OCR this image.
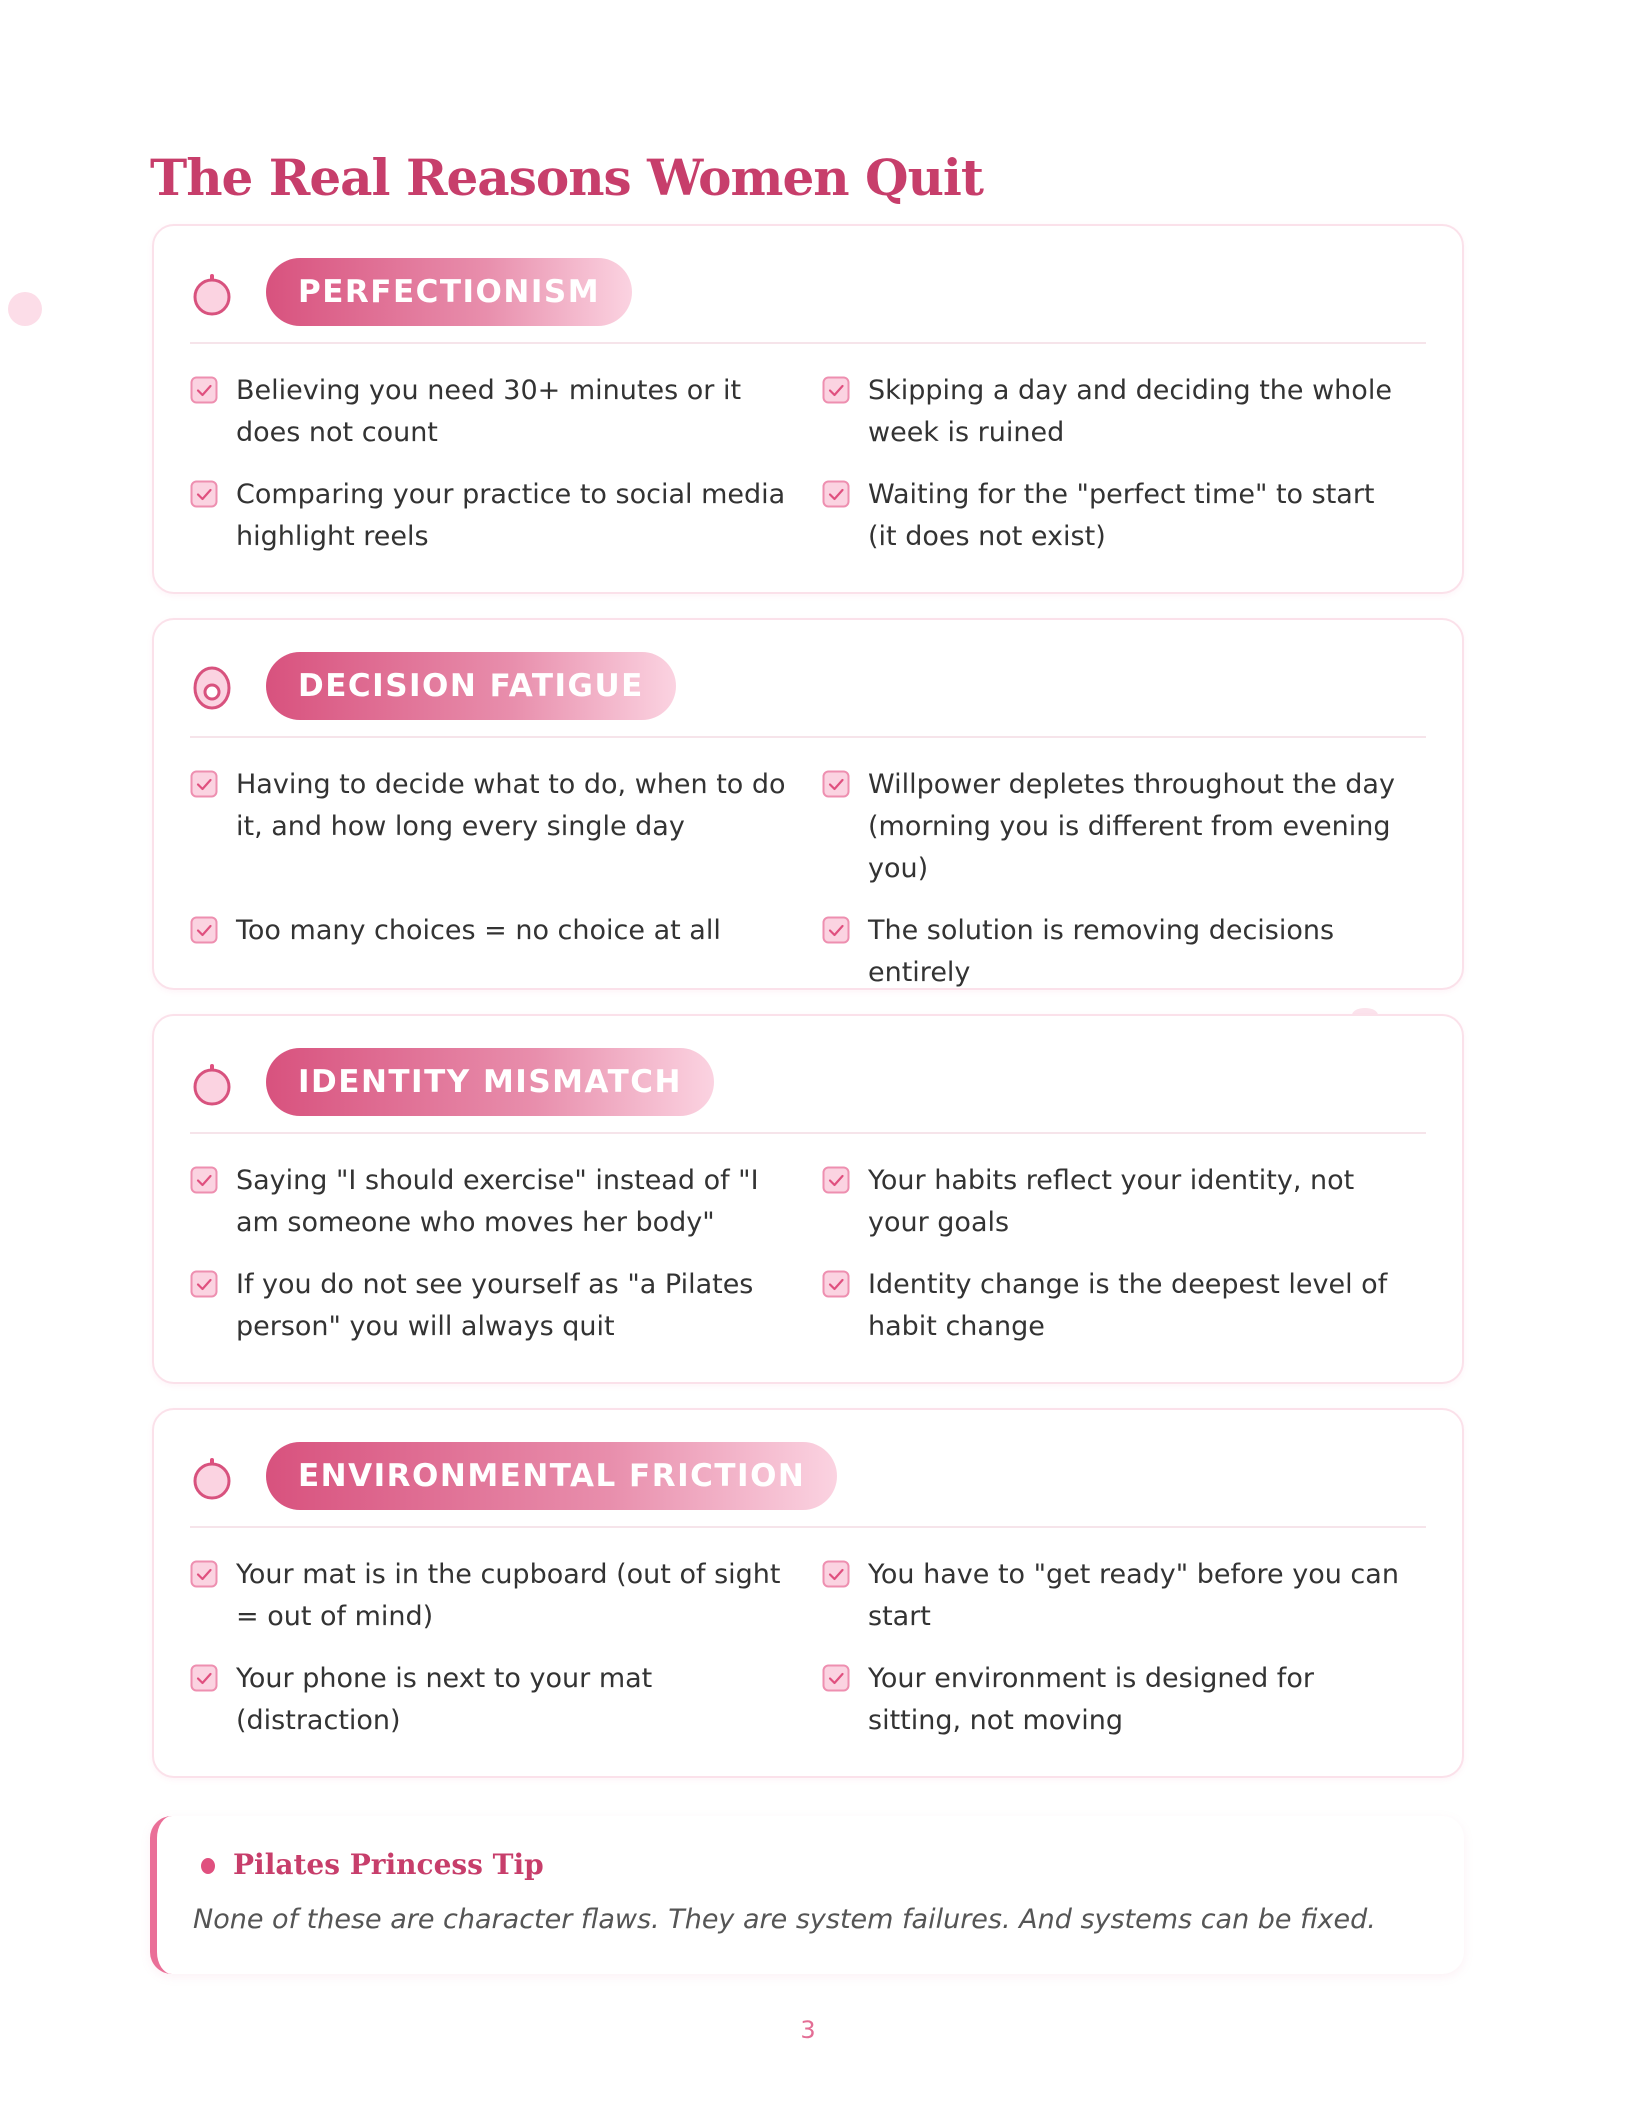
The Real Reasons Women Quit
PERFECTIONISM
Believing you need 30+ minutes or it does not count
Skipping a day and deciding the whole week is ruined
Comparing your practice to social media highlight reels
Waiting for the "perfect time" to start (it does not exist)
DECISION FATIGUE
Having to decide what to do, when to do it, and how long every single day
Willpower depletes throughout the day (morning you is different from evening you)
Too many choices = no choice at all	The solution is removing decisions entirely
IDENTITY MISMATCH
Saying "I should exercise" instead of "I am someone who moves her body"
Your habits reflect your identity, not your goals
If you do not see yourself as "a Pilates person" you will always quit
Identity change is the deepest level of habit change
ENVIRONMENTAL FRICTION
Your mat is in the cupboard (out of sight = out of mind)
You have to "get ready" before you can start
Your phone is next to your mat (distraction)
Your environment is designed for sitting, not moving
Pilates Princess Tip
None of these are character flaws. They are system failures. And systems can be fixed.
3
